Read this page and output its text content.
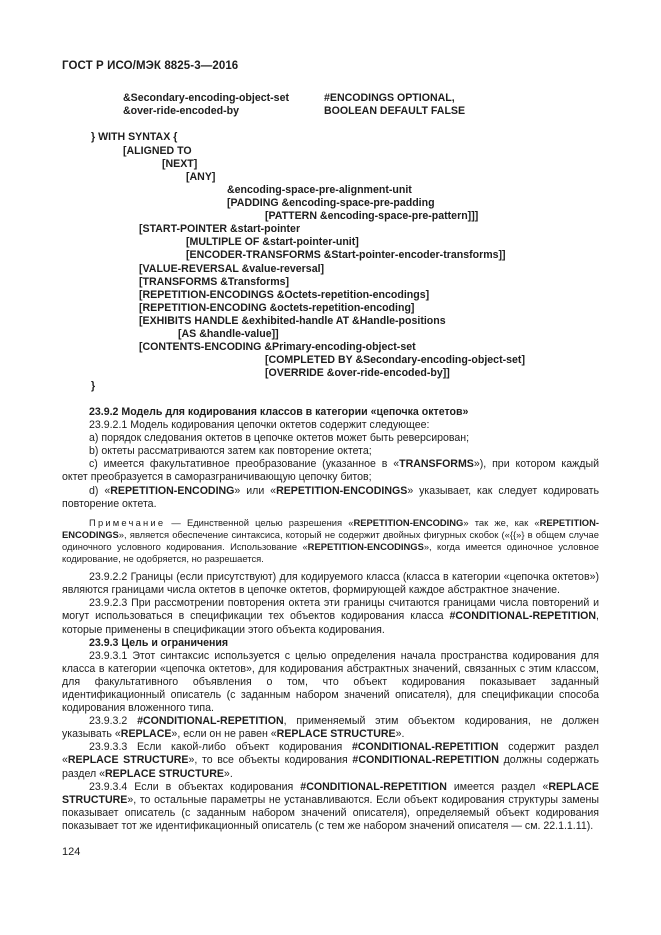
ГОСТ Р ИСО/МЭК 8825-3—2016
&Secondary-encoding-object-set	#ENCODINGS OPTIONAL,
&over-ride-encoded-by	BOOLEAN DEFAULT FALSE
} WITH SYNTAX {
[ALIGNED TO
[NEXT]
[ANY]
&encoding-space-pre-alignment-unit
[PADDING &encoding-space-pre-padding
[PATTERN &encoding-space-pre-pattern]]]
[START-POINTER &start-pointer
[MULTIPLE OF &start-pointer-unit]
[ENCODER-TRANSFORMS &Start-pointer-encoder-transforms]]
[VALUE-REVERSAL &value-reversal]
[TRANSFORMS &Transforms]
[REPETITION-ENCODINGS &Octets-repetition-encodings]
[REPETITION-ENCODING &octets-repetition-encoding]
[EXHIBITS HANDLE &exhibited-handle AT &Handle-positions
[AS &handle-value]]
[CONTENTS-ENCODING &Primary-encoding-object-set
[COMPLETED BY &Secondary-encoding-object-set]
[OVERRIDE &over-ride-encoded-by]]
}

23.9.2 Модель для кодирования классов в категории «цепочка октетов»

23.9.2.1 Модель кодирования цепочки октетов содержит следующее:

а) порядок следования октетов в цепочке октетов может быть реверсирован;

b) октеты рассматриваются затем как повторение октета;

с) имеется факультативное преобразование (указанное в «TRANSFORMS»), при котором каждый октет преобразуется в саморазграничивающую цепочку битов;

d) «REPETITION-ENCODING» или «REPETITION-ENCODINGS» указывает, как следует кодировать повторение октета.

Примечание — Единственной целью разрешения «REPETITION-ENCODING» так же, как «REPETITION-ENCODINGS», является обеспечение синтаксиса, который не содержит двойных фигурных скобок («{{»} в общем случае одиночного условного кодирования. Использование «REPETITION-ENCODINGS», когда имеется одиночное условное кодирование, не одобряется, но разрешается.

23.9.2.2 Границы (если присутствуют) для кодируемого класса (класса в категории «цепочка октетов») являются границами числа октетов в цепочке октетов, формирующей каждое абстрактное значение.

23.9.2.3 При рассмотрении повторения октета эти границы считаются границами числа повторений и могут использоваться в спецификации тех объектов кодирования класса #CONDITIONAL-REPETITION, которые применены в спецификации этого объекта кодирования.

23.9.3 Цель и ограничения

23.9.3.1 Этот синтаксис используется с целью определения начала пространства кодирования для класса в категории «цепочка октетов», для кодирования абстрактных значений, связанных с этим классом, для факультативного объявления о том, что объект кодирования показывает заданный идентификационный описатель (с заданным набором значений описателя), для спецификации способа кодирования вложенного типа.

23.9.3.2 #CONDITIONAL-REPETITION, применяемый этим объектом кодирования, не должен указывать «REPLACE», если он не равен «REPLACE STRUCTURE».

23.9.3.3 Если какой-либо объект кодирования #CONDITIONAL-REPETITION содержит раздел «REPLACE STRUCTURE», то все объекты кодирования #CONDITIONAL-REPETITION должны содержать раздел «REPLACE STRUCTURE».

23.9.3.4 Если в объектах кодирования #CONDITIONAL-REPETITION имеется раздел «REPLACE STRUCTURE», то остальные параметры не устанавливаются. Если объект кодирования структуры замены показывает описатель (с заданным набором значений описателя), определяемый объект кодирования показывает тот же идентификационный описатель (с тем же набором значений описателя — см. 22.1.1.11).

124
